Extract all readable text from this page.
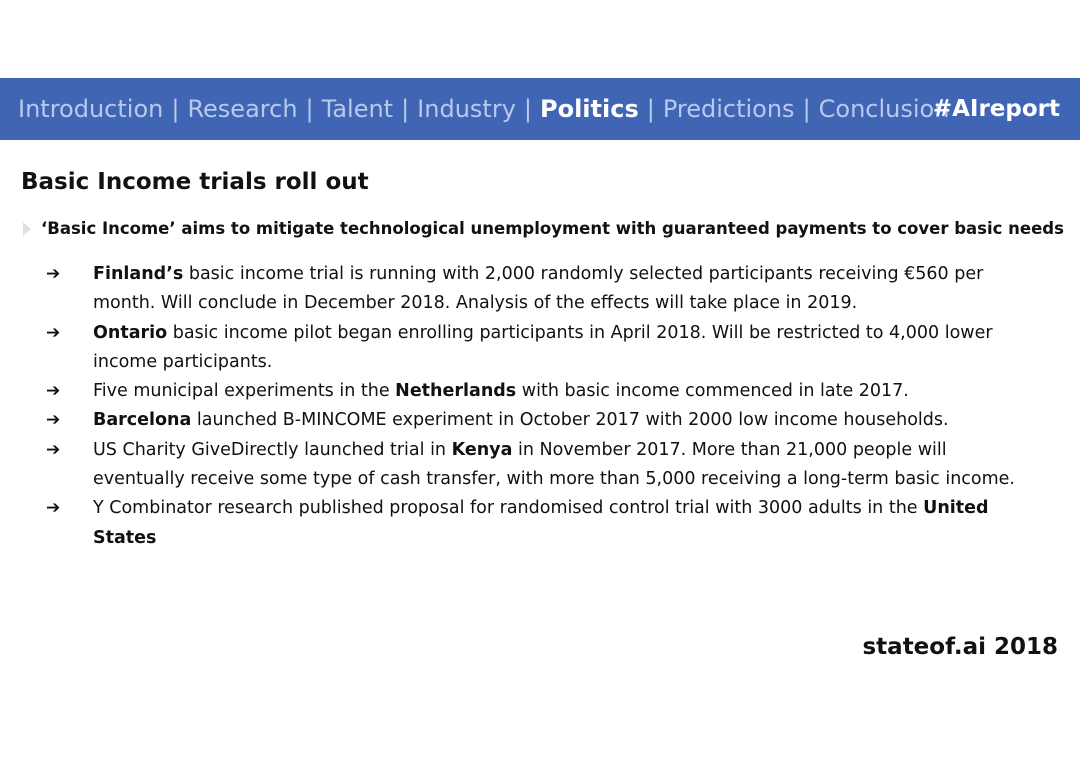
Introduction | Research | Talent | Industry | Politics | Predictions | Conclusion
#AIreport
Basic Income trials roll out
‘Basic Income’ aims to mitigate technological unemployment with guaranteed payments to cover basic needs
➔ Finland’s basic income trial is running with 2,000 randomly selected participants receiving €560 per month. Will conclude in December 2018. Analysis of the effects will take place in 2019.
➔ Ontario basic income pilot began enrolling participants in April 2018. Will be restricted to 4,000 lower income participants.
➔ Five municipal experiments in the Netherlands with basic income commenced in late 2017.
➔ Barcelona launched B-MINCOME experiment in October 2017 with 2000 low income households.
➔ US Charity GiveDirectly launched trial in Kenya in November 2017. More than 21,000 people will eventually receive some type of cash transfer, with more than 5,000 receiving a long-term basic income.
➔ Y Combinator research published proposal for randomised control trial with 3000 adults in the United States
stateof.ai 2018
